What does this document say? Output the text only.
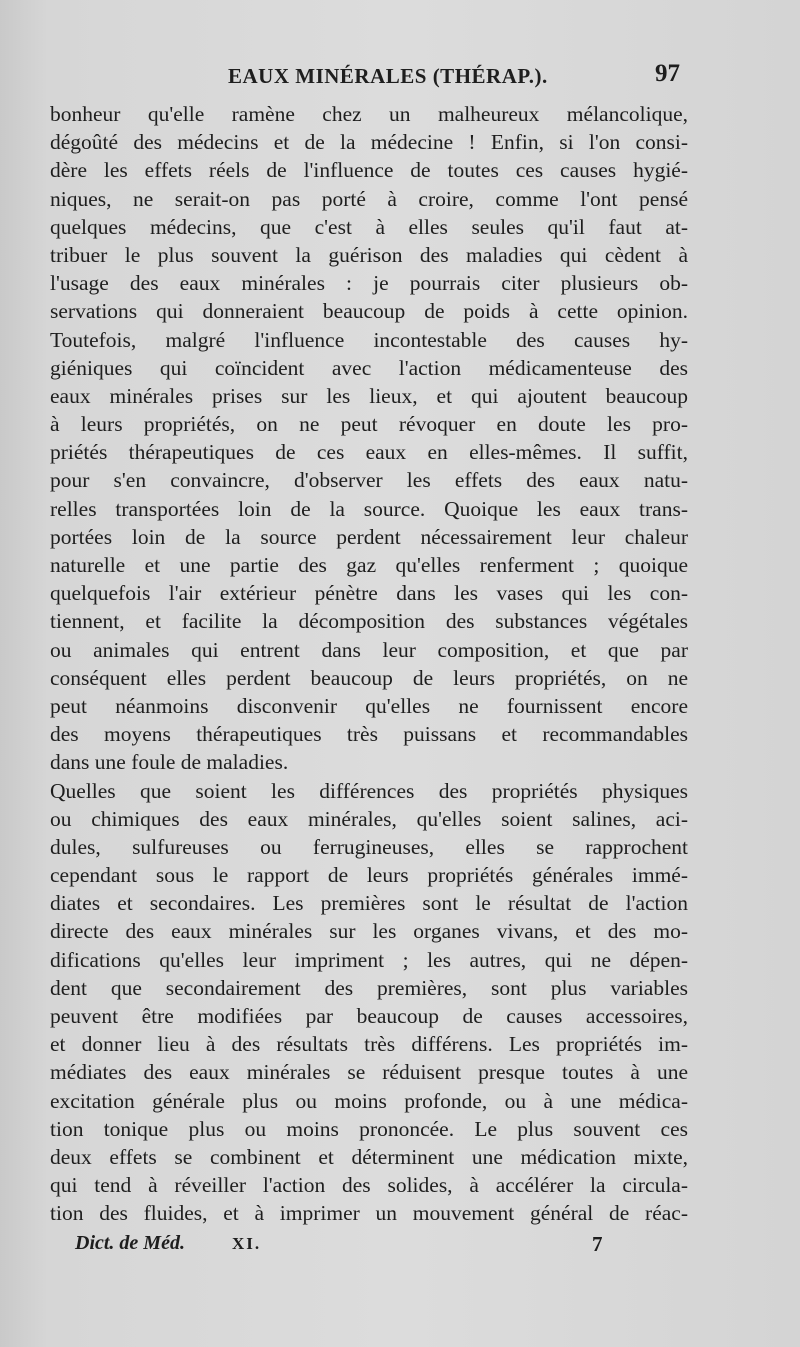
EAUX MINÉRALES (THÉRAP.).	97
bonheur qu'elle ramène chez un malheureux mélancolique,
dégoûté des médecins et de la médecine ! Enfin, si l'on consi-
dère les effets réels de l'influence de toutes ces causes hygié-
niques, ne serait-on pas porté à croire, comme l'ont pensé
quelques médecins, que c'est à elles seules qu'il faut at-
tribuer le plus souvent la guérison des maladies qui cèdent à
l'usage des eaux minérales : je pourrais citer plusieurs ob-
servations qui donneraient beaucoup de poids à cette opinion.
Toutefois, malgré l'influence incontestable des causes hy-
giéniques qui coïncident avec l'action médicamenteuse des
eaux minérales prises sur les lieux, et qui ajoutent beaucoup
à leurs propriétés, on ne peut révoquer en doute les pro-
priétés thérapeutiques de ces eaux en elles-mêmes. Il suffit,
pour s'en convaincre, d'observer les effets des eaux natu-
relles transportées loin de la source. Quoique les eaux trans-
portées loin de la source perdent nécessairement leur chaleur
naturelle et une partie des gaz qu'elles renferment ; quoique
quelquefois l'air extérieur pénètre dans les vases qui les con-
tiennent, et facilite la décomposition des substances végétales
ou animales qui entrent dans leur composition, et que par
conséquent elles perdent beaucoup de leurs propriétés, on ne
peut néanmoins disconvenir qu'elles ne fournissent encore
des moyens thérapeutiques très puissans et recommandables
dans une foule de maladies.
Quelles que soient les différences des propriétés physiques
ou chimiques des eaux minérales, qu'elles soient salines, aci-
dules, sulfureuses ou ferrugineuses, elles se rapprochent
cependant sous le rapport de leurs propriétés générales immé-
diates et secondaires. Les premières sont le résultat de l'action
directe des eaux minérales sur les organes vivans, et des mo-
difications qu'elles leur impriment ; les autres, qui ne dépen-
dent que secondairement des premières, sont plus variables
peuvent être modifiées par beaucoup de causes accessoires,
et donner lieu à des résultats très différens. Les propriétés im-
médiates des eaux minérales se réduisent presque toutes à une
excitation générale plus ou moins profonde, ou à une médica-
tion tonique plus ou moins prononcée. Le plus souvent ces
deux effets se combinent et déterminent une médication mixte,
qui tend à réveiller l'action des solides, à accélérer la circula-
tion des fluides, et à imprimer un mouvement général de réac-
Dict. de Méd.	XI.	7
